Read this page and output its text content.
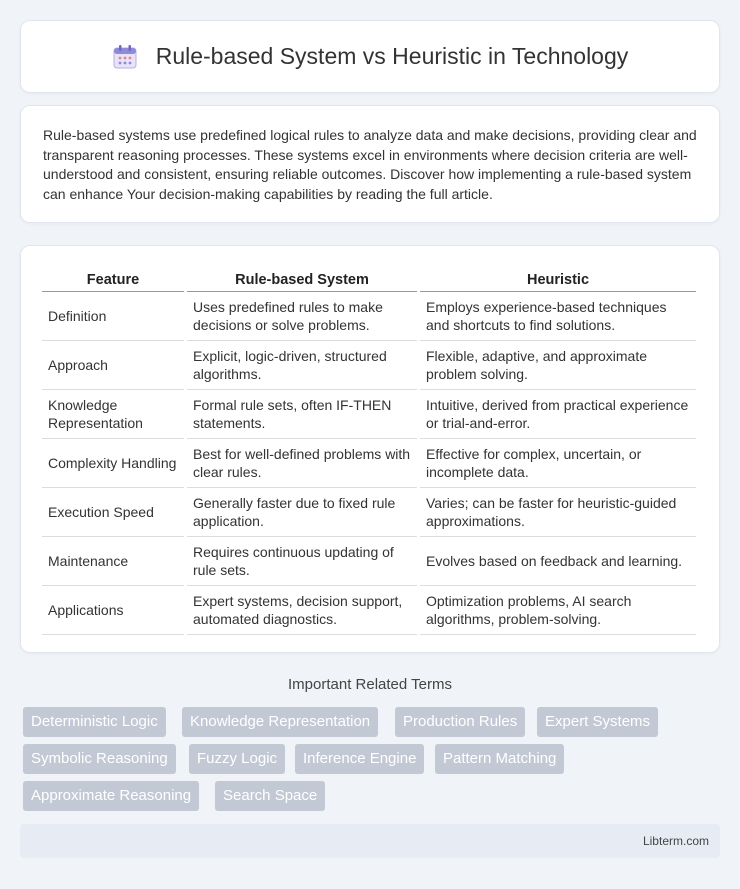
Rule-based System vs Heuristic in Technology

Rule-based systems use predefined logical rules to analyze data and make decisions, providing clear and transparent reasoning processes. These systems excel in environments where decision criteria are well-understood and consistent, ensuring reliable outcomes. Discover how implementing a rule-based system can enhance Your decision-making capabilities by reading the full article.

Feature	Rule-based System	Heuristic
Definition	Uses predefined rules to make decisions or solve problems.	Employs experience-based techniques and shortcuts to find solutions.
Approach	Explicit, logic-driven, structured algorithms.	Flexible, adaptive, and approximate problem solving.
Knowledge Representation	Formal rule sets, often IF-THEN statements.	Intuitive, derived from practical experience or trial-and-error.
Complexity Handling	Best for well-defined problems with clear rules.	Effective for complex, uncertain, or incomplete data.
Execution Speed	Generally faster due to fixed rule application.	Varies; can be faster for heuristic-guided approximations.
Maintenance	Requires continuous updating of rule sets.	Evolves based on feedback and learning.
Applications	Expert systems, decision support, automated diagnostics.	Optimization problems, AI search algorithms, problem-solving.
Important Related Terms
Deterministic Logic	Knowledge Representation	Production Rules	Expert Systems
Symbolic Reasoning	Fuzzy Logic	Inference Engine	Pattern Matching
Approximate Reasoning	Search Space
Libterm.com
